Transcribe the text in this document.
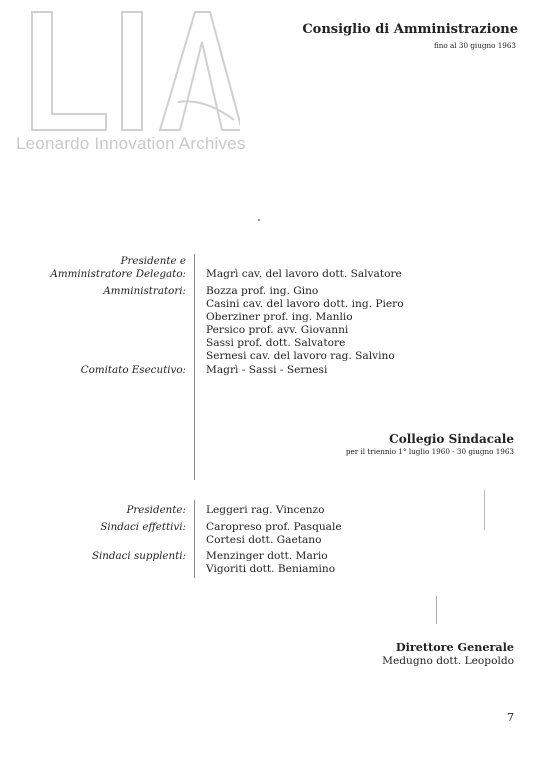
Leonardo Innovation Archives
Consiglio di Amministrazione
fino al 30 giugno 1963
Presidente e
Amministratore Delegato: Magrì cav. del lavoro dott. Salvatore
Amministratori: Bozza prof. ing. Gino
Casini cav. del lavoro dott. ing. Piero
Oberziner prof. ing. Manlio
Persico prof. avv. Giovanni
Sassi prof. dott. Salvatore
Sernesi cav. del lavoro rag. Salvino
Comitato Esecutivo: Magrì - Sassi - Sernesi
Collegio Sindacale
per il triennio 1° luglio 1960 - 30 giugno 1963
Presidente: Leggeri rag. Vincenzo
Sindaci effettivi: Caropreso prof. Pasquale
Cortesi dott. Gaetano
Sindaci supplenti: Menzinger dott. Mario
Vigoriti dott. Beniamino
Direttore Generale
Medugno dott. Leopoldo
7
